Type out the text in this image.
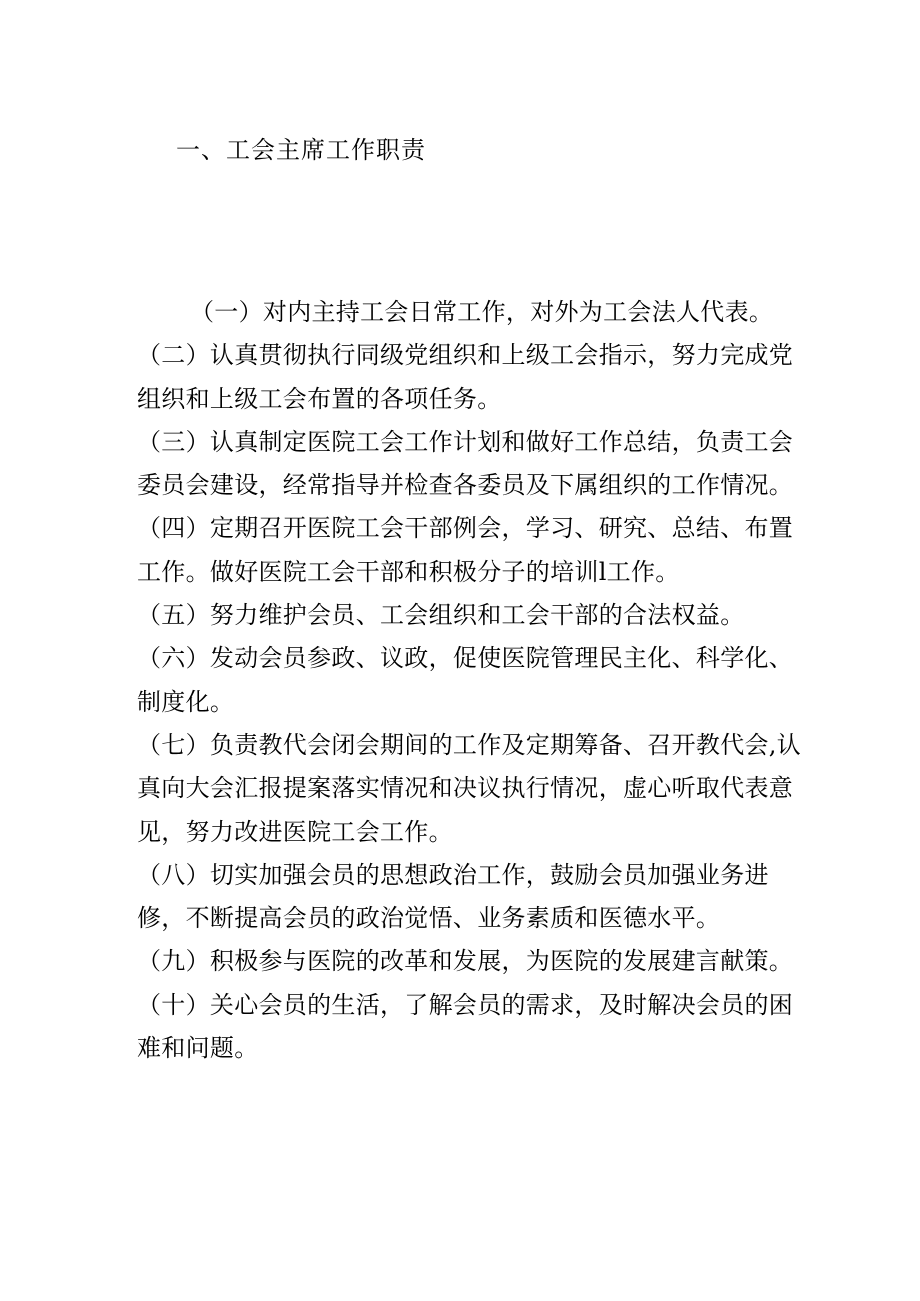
一、工会主席工作职责

（一）对内主持工会日常工作，对外为工会法人代表。

（二）认真贯彻执行同级党组织和上级工会指示，努力完成党组织和上级工会布置的各项任务。

（三）认真制定医院工会工作计划和做好工作总结，负责工会委员会建设，经常指导并检查各委员及下属组织的工作情况。

（四）定期召开医院工会干部例会，学习、研究、总结、布置工作。做好医院工会干部和积极分子的培训l工作。

（五）努力维护会员、工会组织和工会干部的合法权益。

（六）发动会员参政、议政，促使医院管理民主化、科学化、制度化。

（七）负责教代会闭会期间的工作及定期筹备、召开教代会,认真向大会汇报提案落实情况和决议执行情况，虚心听取代表意见，努力改进医院工会工作。

（八）切实加强会员的思想政治工作，鼓励会员加强业务进修，不断提高会员的政治觉悟、业务素质和医德水平。

（九）积极参与医院的改革和发展，为医院的发展建言献策。

（十）关心会员的生活，了解会员的需求，及时解决会员的困难和问题。
